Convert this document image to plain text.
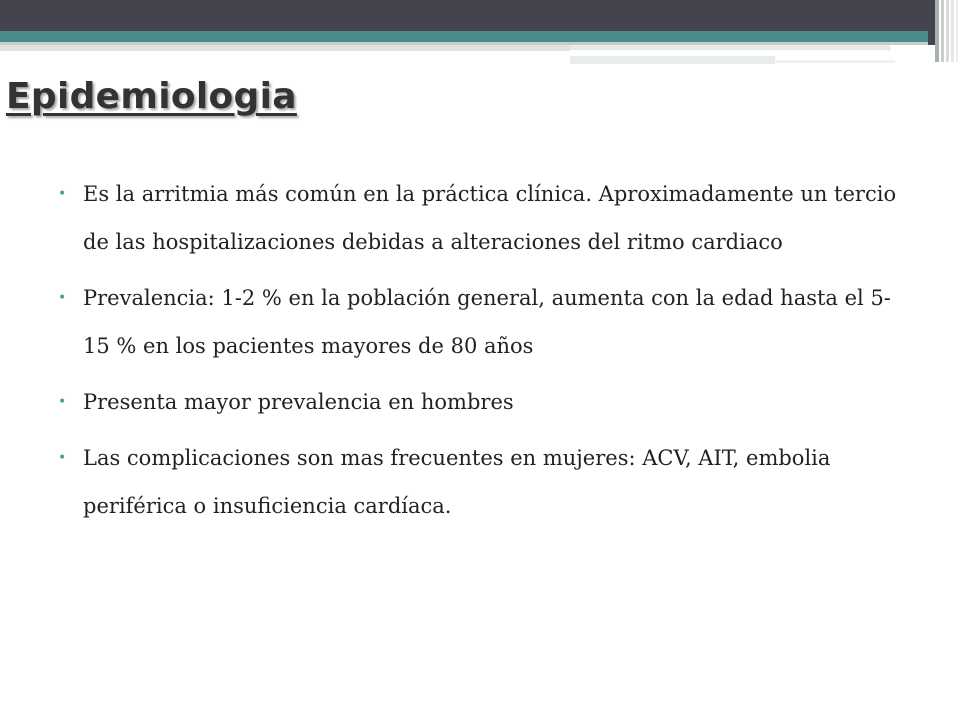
Epidemiologia
• Es la arritmia más común en la práctica clínica. Aproximadamente un tercio de las hospitalizaciones debidas a alteraciones del ritmo cardiaco
• Prevalencia: 1-2 % en la población general, aumenta con la edad hasta el 5-15 % en los pacientes mayores de 80 años
• Presenta mayor prevalencia en hombres
• Las complicaciones son mas frecuentes en mujeres: ACV, AIT, embolia periférica o insuficiencia cardíaca.
